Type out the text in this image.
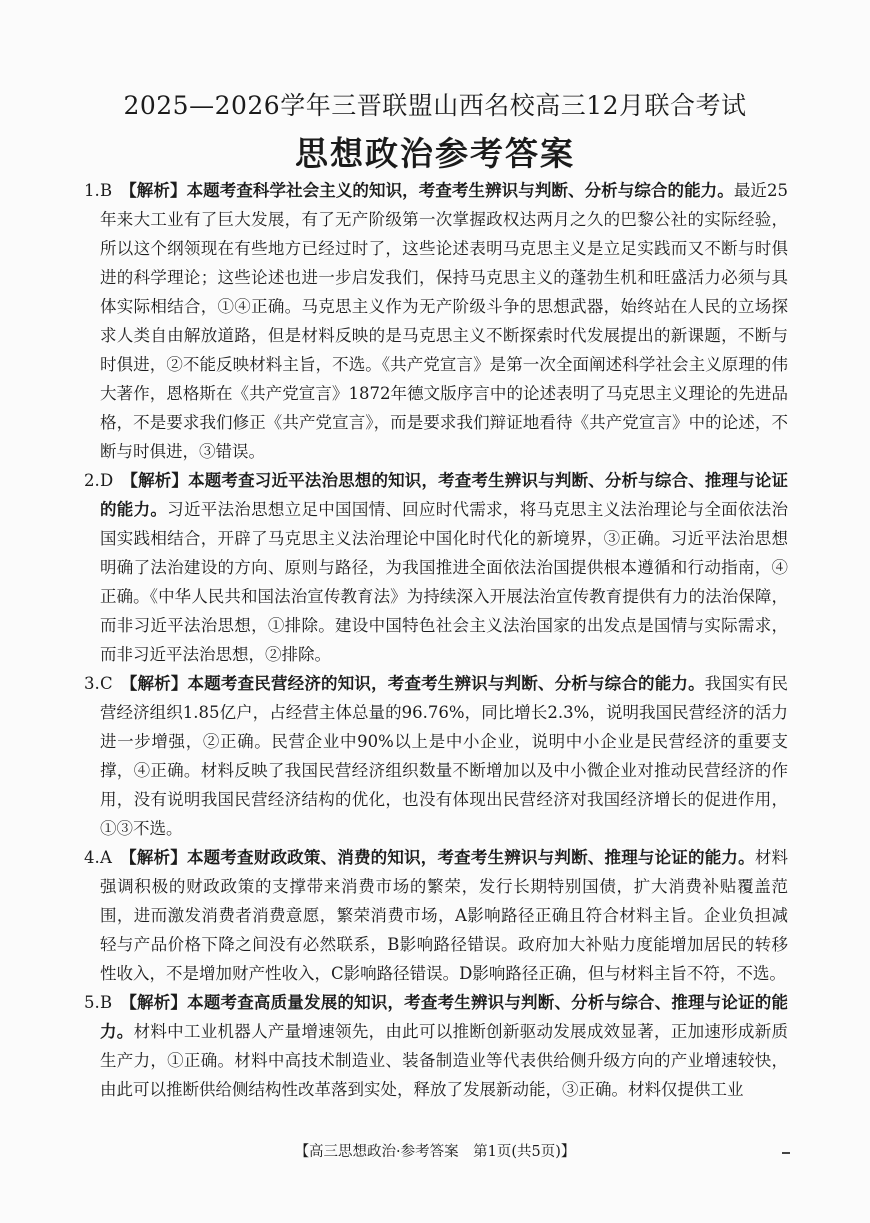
2025—2026学年三晋联盟山西名校高三12月联合考试
思想政治参考答案
1. B 【解析】本题考查科学社会主义的知识，考查考生辨识与判断、分析与综合的能力。最近25年来大工业有了巨大发展，有了无产阶级第一次掌握政权达两月之久的巴黎公社的实际经验，所以这个纲领现在有些地方已经过时了，这些论述表明马克思主义是立足实践而又不断与时俱进的科学理论；这些论述也进一步启发我们，保持马克思主义的蓬勃生机和旺盛活力必须与具体实际相结合，①④正确。马克思主义作为无产阶级斗争的思想武器，始终站在人民的立场探求人类自由解放道路，但是材料反映的是马克思主义不断探索时代发展提出的新课题，不断与时俱进，②不能反映材料主旨，不选。《共产党宣言》是第一次全面阐述科学社会主义原理的伟大著作，恩格斯在《共产党宣言》1872年德文版序言中的论述表明了马克思主义理论的先进品格，不是要求我们修正《共产党宣言》，而是要求我们辩证地看待《共产党宣言》中的论述，不断与时俱进，③错误。
2. D 【解析】本题考查习近平法治思想的知识，考查考生辨识与判断、分析与综合、推理与论证的能力。习近平法治思想立足中国国情、回应时代需求，将马克思主义法治理论与全面依法治国实践相结合，开辟了马克思主义法治理论中国化时代化的新境界，③正确。习近平法治思想明确了法治建设的方向、原则与路径，为我国推进全面依法治国提供根本遵循和行动指南，④正确。《中华人民共和国法治宣传教育法》为持续深入开展法治宣传教育提供有力的法治保障，而非习近平法治思想，①排除。建设中国特色社会主义法治国家的出发点是国情与实际需求，而非习近平法治思想，②排除。
3. C 【解析】本题考查民营经济的知识，考查考生辨识与判断、分析与综合的能力。我国实有民营经济组织1.85亿户，占经营主体总量的96.76%，同比增长2.3%，说明我国民营经济的活力进一步增强，②正确。民营企业中90%以上是中小企业，说明中小企业是民营经济的重要支撑，④正确。材料反映了我国民营经济组织数量不断增加以及中小微企业对推动民营经济的作用，没有说明我国民营经济结构的优化，也没有体现出民营经济对我国经济增长的促进作用，①③不选。
4. A 【解析】本题考查财政政策、消费的知识，考查考生辨识与判断、推理与论证的能力。材料强调积极的财政政策的支撑带来消费市场的繁荣，发行长期特别国债，扩大消费补贴覆盖范围，进而激发消费者消费意愿，繁荣消费市场，A影响路径正确且符合材料主旨。企业负担减轻与产品价格下降之间没有必然联系，B影响路径错误。政府加大补贴力度能增加居民的转移性收入，不是增加财产性收入，C影响路径错误。D影响路径正确，但与材料主旨不符，不选。
5. B 【解析】本题考查高质量发展的知识，考查考生辨识与判断、分析与综合、推理与论证的能力。材料中工业机器人产量增速领先，由此可以推断创新驱动发展成效显著，正加速形成新质生产力，①正确。材料中高技术制造业、装备制造业等代表供给侧升级方向的产业增速较快，由此可以推断供给侧结构性改革落到实处，释放了发展新动能，③正确。材料仅提供工业
【高三思想政治·参考答案　第1页(共5页)】
